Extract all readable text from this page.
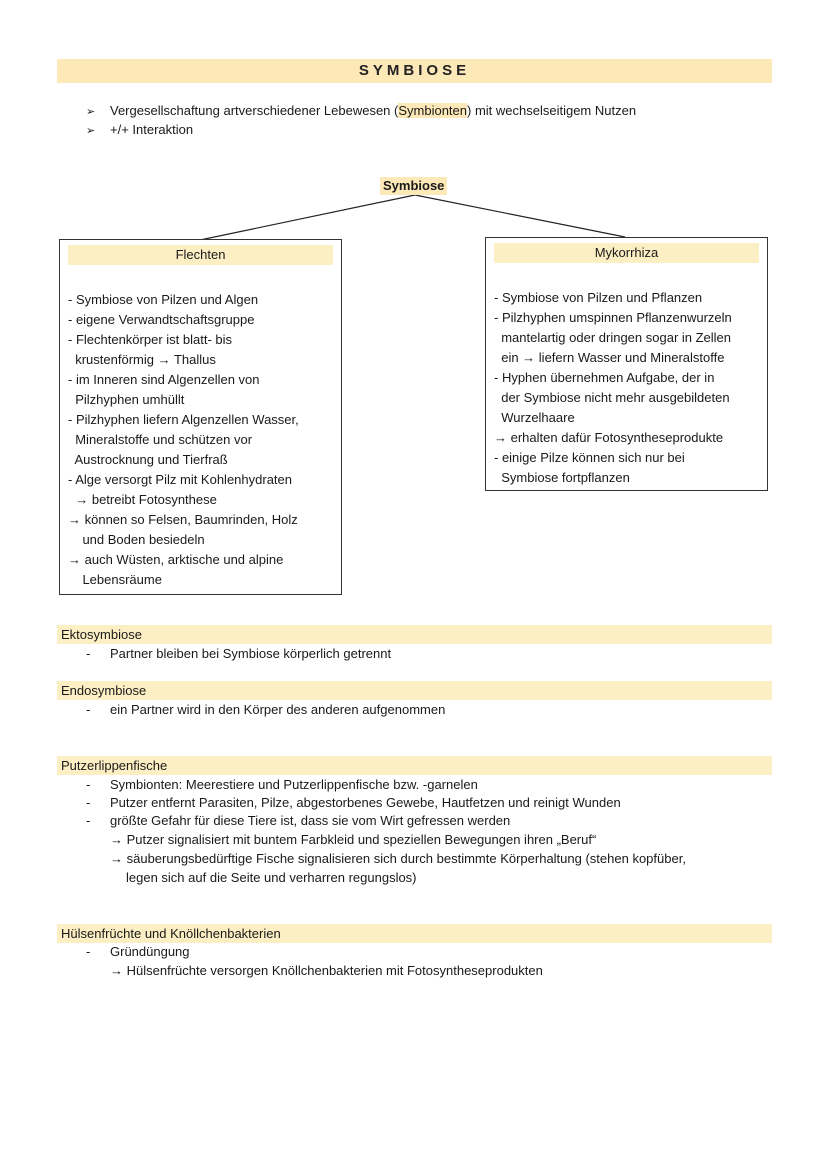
SYMBIOSE
➢ Vergesellschaftung artverschiedener Lebewesen (Symbionten) mit wechselseitigem Nutzen
➢ +/+ Interaktion
Symbiose
Flechten
- Symbiose von Pilzen und Algen
- eigene Verwandtschaftsgruppe
- Flechtenkörper ist blatt- bis
krustenförmig → Thallus
- im Inneren sind Algenzellen von
Pilzhyphen umhüllt
- Pilzhyphen liefern Algenzellen Wasser,
Mineralstoffe und schützen vor
Austrocknung und Tierfraß
- Alge versorgt Pilz mit Kohlenhydraten
→ betreibt Fotosynthese
→ können so Felsen, Baumrinden, Holz
und Boden besiedeln
→ auch Wüsten, arktische und alpine
Lebensräume
Mykorrhiza
- Symbiose von Pilzen und Pflanzen
- Pilzhyphen umspinnen Pflanzenwurzeln
mantelartig oder dringen sogar in Zellen
ein → liefern Wasser und Mineralstoffe
- Hyphen übernehmen Aufgabe, der in
der Symbiose nicht mehr ausgebildeten
Wurzelhaare
→ erhalten dafür Fotosyntheseprodukte
- einige Pilze können sich nur bei
Symbiose fortpflanzen
Ektosymbiose
- Partner bleiben bei Symbiose körperlich getrennt
Endosymbiose
- ein Partner wird in den Körper des anderen aufgenommen
Putzerlippenfische
- Symbionten: Meerestiere und Putzerlippenfische bzw. -garnelen
- Putzer entfernt Parasiten, Pilze, abgestorbenes Gewebe, Hautfetzen und reinigt Wunden
- größte Gefahr für diese Tiere ist, dass sie vom Wirt gefressen werden
→ Putzer signalisiert mit buntem Farbkleid und speziellen Bewegungen ihren „Beruf“
→ säuberungsbedürftige Fische signalisieren sich durch bestimmte Körperhaltung (stehen kopfüber,
legen sich auf die Seite und verharren regungslos)
Hülsenfrüchte und Knöllchenbakterien
- Gründüngung
→ Hülsenfrüchte versorgen Knöllchenbakterien mit Fotosyntheseprodukten
